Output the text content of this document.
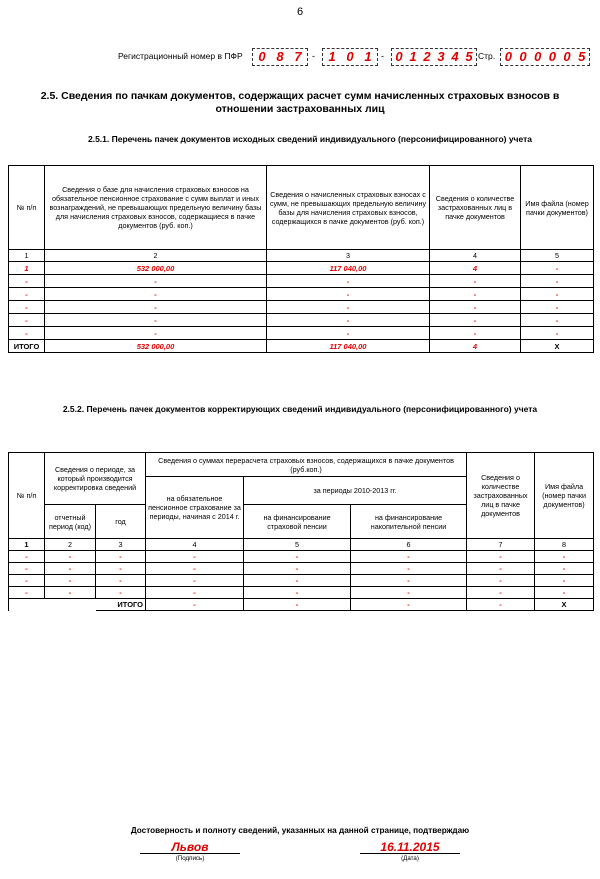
6
Регистрационный номер в ПФР	0 8 7	-	1 0 1	- 0 1 2 3 4 5 Стр. 0 0 0 0 0 5
2.5. Сведения по пачкам документов, содержащих расчет сумм начисленных страховых взносов в отношении застрахованных лиц
2.5.1. Перечень пачек документов исходных сведений индивидуального (персонифицированного) учета
№ п/п	Сведения о базе для начисления страховых взносов на обязательное пенсионное страхование с сумм выплат и иных вознаграждений, не превышающих предельную величину базы для начисления страховых взносов, содержащиеся в пачке документов (руб. коп.)	Сведения о начисленных страховых взносах с сумм, не превышающих предельную величину базы для начисления страховых взносов, содержащихся в пачке документов (руб. коп.)	Сведения о количестве застрахованных лиц в пачке документов	Имя файла (номер пачки документов)
1	2	3	4	5
1	532 000,00	117 040,00	4	-
-	-	-	-	-
-	-	-	-	-
-	-	-	-	-
-	-	-	-	-
-	-	-	-	-
ИТОГО	532 000,00	117 040,00	4	X
2.5.2. Перечень пачек документов корректирующих сведений индивидуального (персонифицированного) учета
№ п/п	Сведения о периоде, за который производится корректировка сведений		Сведения о суммах перерасчета страховых взносов, содержащихся в пачке документов (руб.коп.)			Сведения о количестве застрахованных лиц в пачке документов	Имя файла (номер пачки документов)
			на обязательное пенсионное страхование за периоды, начиная с 2014 г.	за периоды 2010-2013 гг.			
	отчетный период (код)	год		на финансирование страховой пенсии	на финансирование накопительной пенсии		
1	2	3	4	5	6	7	8
-	-	-	-	-	-	-	-
-	-	-	-	-	-	-	-
-	-	-	-	-	-	-	-
-	-	-	-	-	-	-	-
		ИТОГО	-	-	-	-	X
Достоверность и полноту сведений, указанных на данной странице, подтверждаю
Львов
(Подпись)
16.11.2015
(Дата)
